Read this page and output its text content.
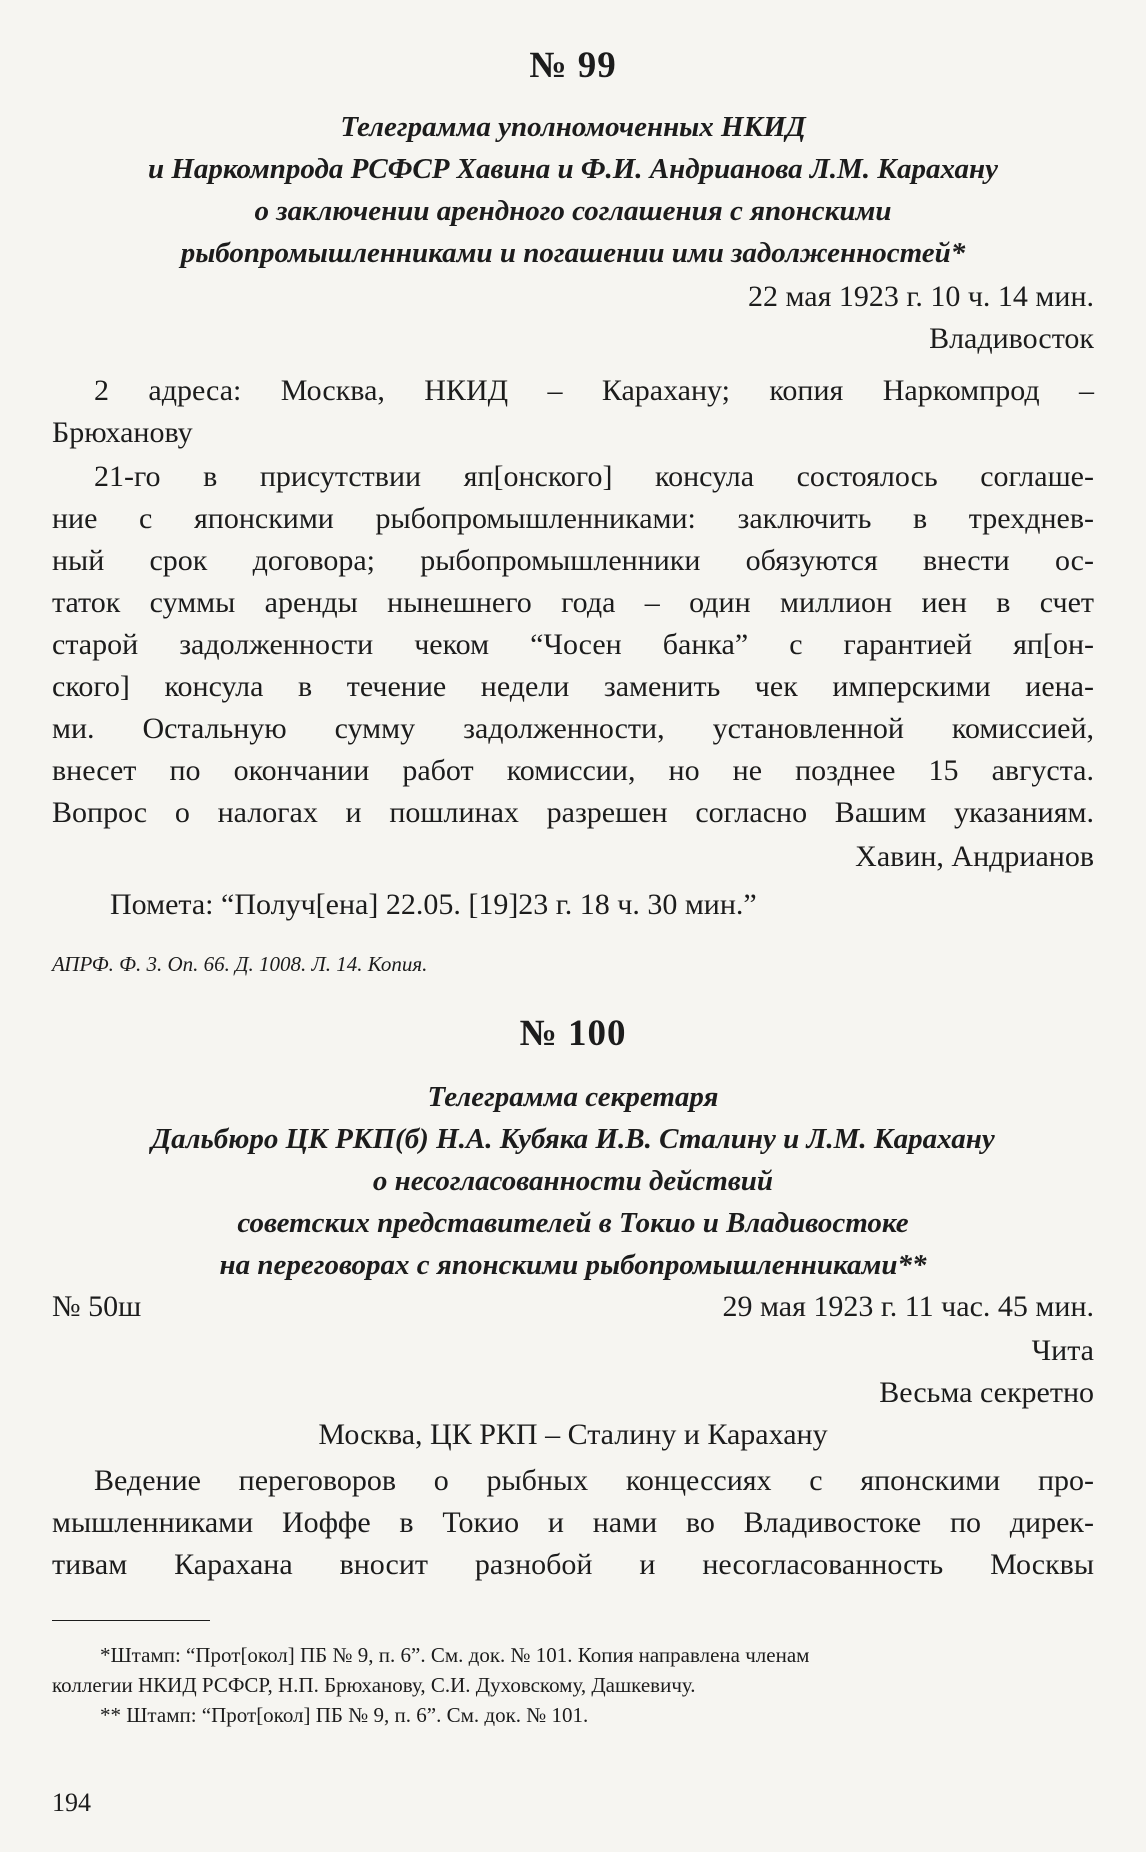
№ 99
Телеграмма уполномоченных НКИД
и Наркомпрода РСФСР Хавина и Ф.И. Андрианова Л.М. Карахану
о заключении арендного соглашения с японскими
рыбопромышленниками и погашении ими задолженностей*
22 мая 1923 г. 10 ч. 14 мин.
Владивосток
2 адреса: Москва, НКИД – Карахану; копия Наркомпрод –
Брюханову
21-го в присутствии яп[онского] консула состоялось соглаше-
ние с японскими рыбопромышленниками: заключить в трехднев-
ный срок договора; рыбопромышленники обязуются внести ос-
таток суммы аренды нынешнего года – один миллион иен в счет
старой задолженности чеком “Чосен банка” с гарантией яп[он-
ского] консула в течение недели заменить чек имперскими иена-
ми. Остальную сумму задолженности, установленной комиссией,
внесет по окончании работ комиссии, но не позднее 15 августа.
Вопрос о налогах и пошлинах разрешен согласно Вашим указаниям.
Хавин, Андрианов
Помета: “Получ[ена] 22.05. [19]23 г. 18 ч. 30 мин.”
АПРФ. Ф. 3. Оп. 66. Д. 1008. Л. 14. Копия.
№ 100
Телеграмма секретаря
Дальбюро ЦК РКП(б) Н.А. Кубяка И.В. Сталину и Л.М. Карахану
о несогласованности действий
советских представителей в Токио и Владивостоке
на переговорах с японскими рыбопромышленниками**
№ 50ш	29 мая 1923 г. 11 час. 45 мин.
Чита
Весьма секретно
Москва, ЦК РКП – Сталину и Карахану
Ведение переговоров о рыбных концессиях с японскими про-
мышленниками Иоффе в Токио и нами во Владивостоке по дирек-
тивам Карахана вносит разнобой и несогласованность Москвы
*Штамп: “Прот[окол] ПБ № 9, п. 6”. См. док. № 101. Копия направлена членам
коллегии НКИД РСФСР, Н.П. Брюханову, С.И. Духовскому, Дашкевичу.
** Штамп: “Прот[окол] ПБ № 9, п. 6”. См. док. № 101.
194
